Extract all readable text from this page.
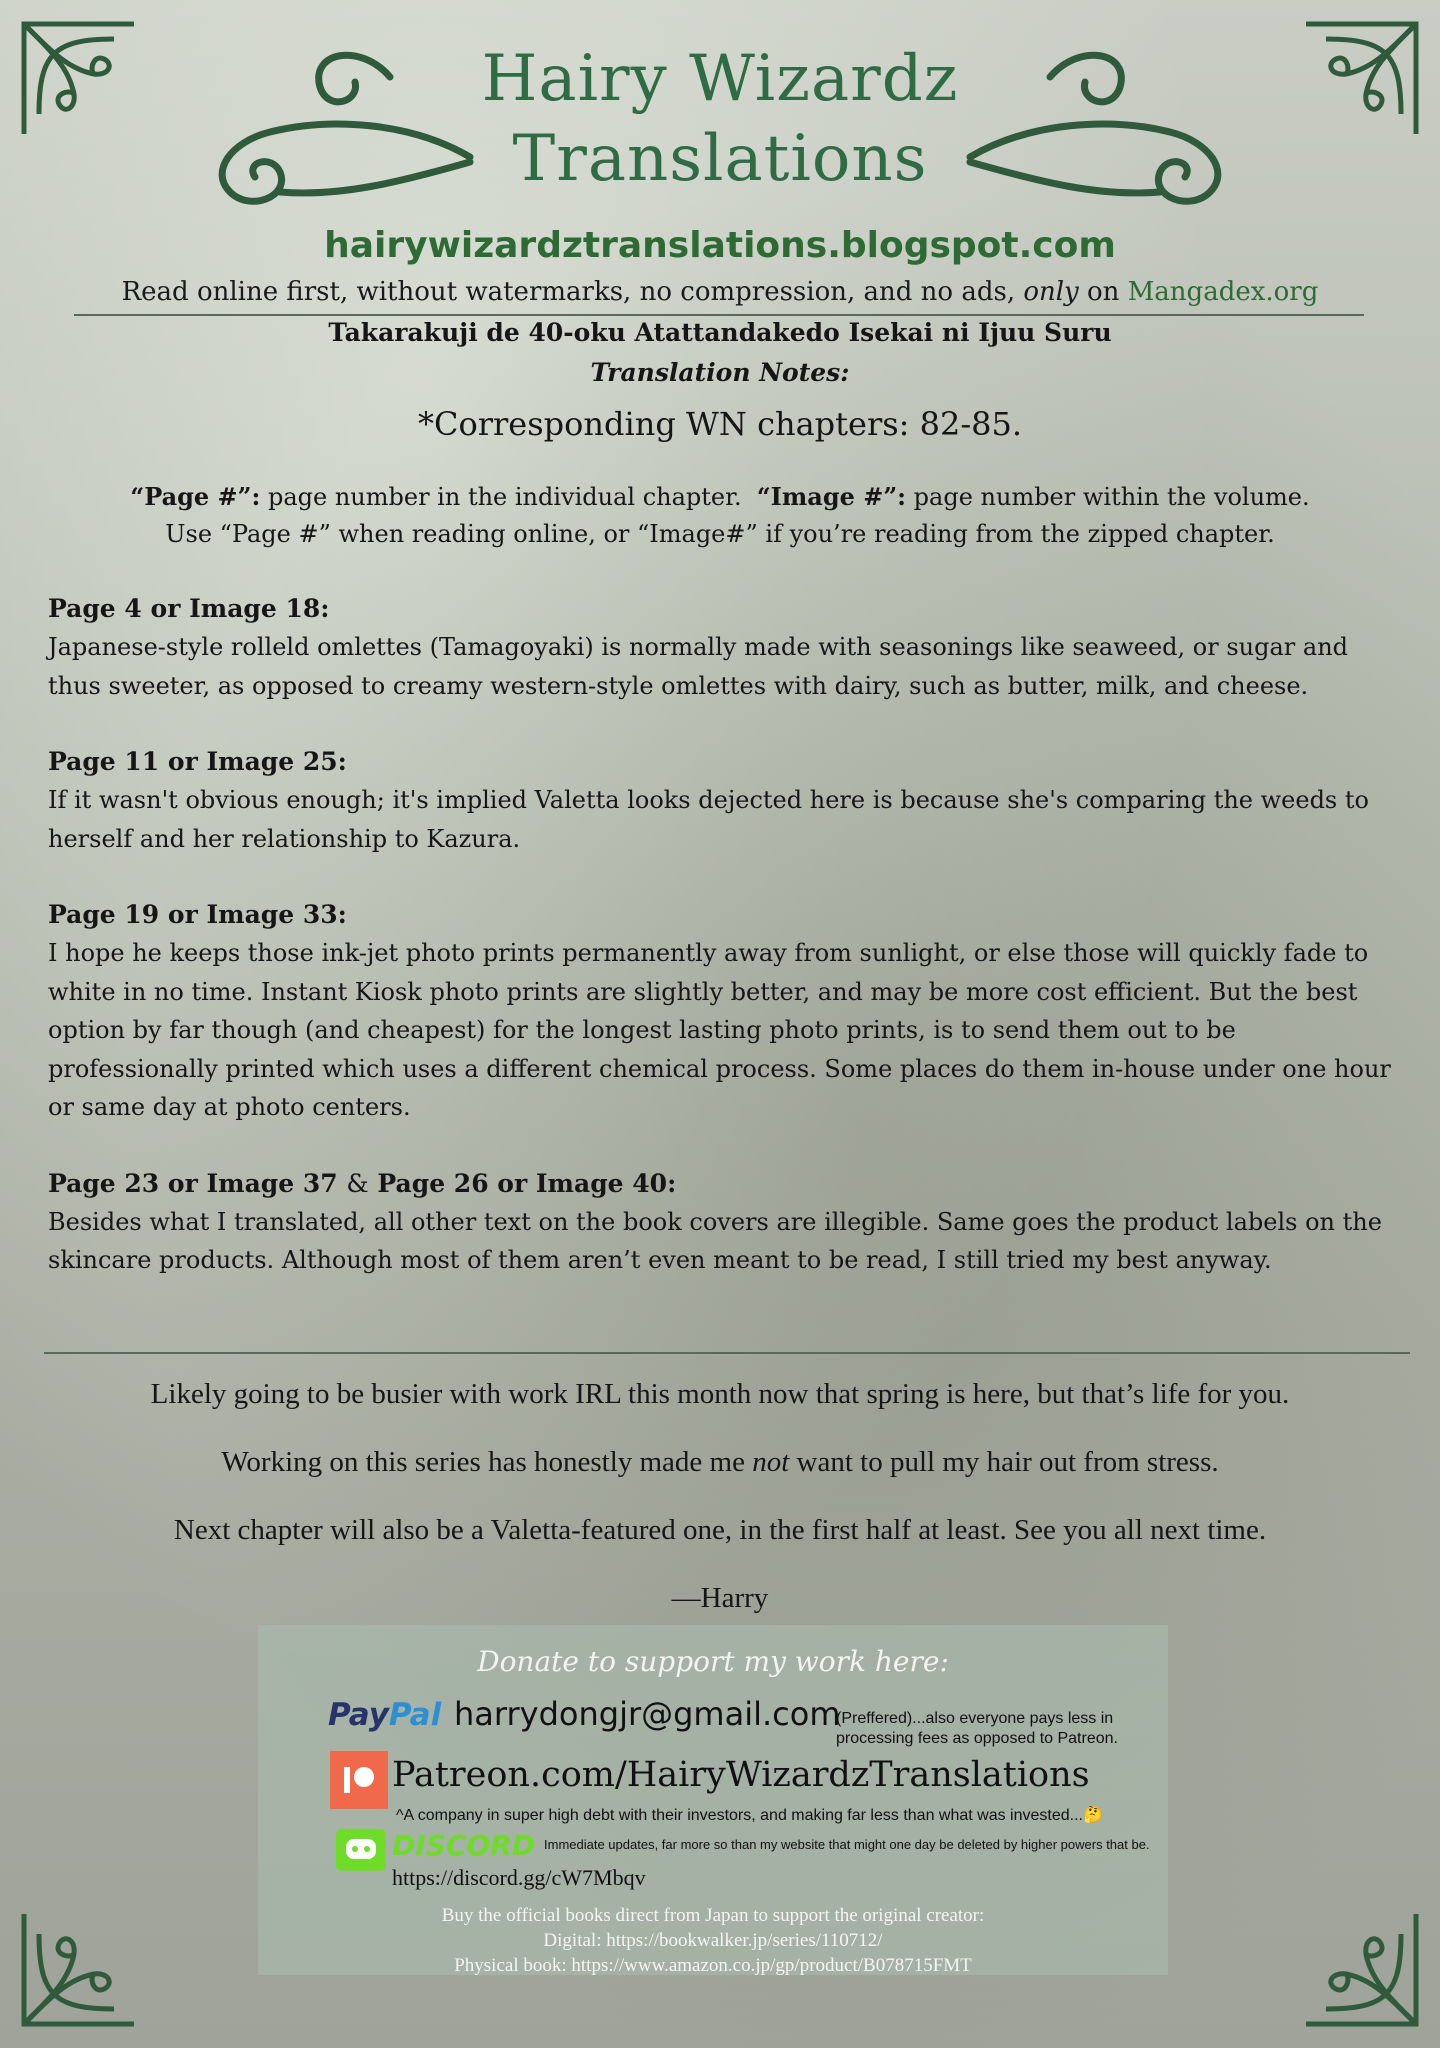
Hairy Wizardz
Translations
hairywizardztranslations.blogspot.com
Read online first, without watermarks, no compression, and no ads, only on Mangadex.org
Takarakuji de 40-oku Atattandakedo Isekai ni Ijuu Suru
Translation Notes:
*Corresponding WN chapters: 82-85.
“Page #”: page number in the individual chapter. “Image #”: page number within the volume.
Use “Page #” when reading online, or “Image#” if you’re reading from the zipped chapter.
Page 4 or Image 18:
Japanese-style rolleld omlettes (Tamagoyaki) is normally made with seasonings like seaweed, or sugar and thus sweeter, as opposed to creamy western-style omlettes with dairy, such as butter, milk, and cheese.
Page 11 or Image 25:
If it wasn't obvious enough; it's implied Valetta looks dejected here is because she's comparing the weeds to herself and her relationship to Kazura.
Page 19 or Image 33:
I hope he keeps those ink-jet photo prints permanently away from sunlight, or else those will quickly fade to white in no time. Instant Kiosk photo prints are slightly better, and may be more cost efficient. But the best option by far though (and cheapest) for the longest lasting photo prints, is to send them out to be professionally printed which uses a different chemical process. Some places do them in-house under one hour or same day at photo centers.
Page 23 or Image 37 & Page 26 or Image 40:
Besides what I translated, all other text on the book covers are illegible. Same goes the product labels on the skincare products. Although most of them aren’t even meant to be read, I still tried my best anyway.

Likely going to be busier with work IRL this month now that spring is here, but that’s life for you.

Working on this series has honestly made me not want to pull my hair out from stress.

Next chapter will also be a Valetta-featured one, in the first half at least. See you all next time.

—Harry

Donate to support my work here:
PayPal harrydongjr@gmail.com
(Preffered)...also everyone pays less in processing fees as opposed to Patreon.
Patreon.com/HairyWizardzTranslations
^A company in super high debt with their investors, and making far less than what was invested...🤔
DISCORD Immediate updates, far more so than my website that might one day be deleted by higher powers that be.
https://discord.gg/cW7Mbqv
Buy the official books direct from Japan to support the original creator:
Digital: https://bookwalker.jp/series/110712/
Physical book: https://www.amazon.co.jp/gp/product/B078715FMT
